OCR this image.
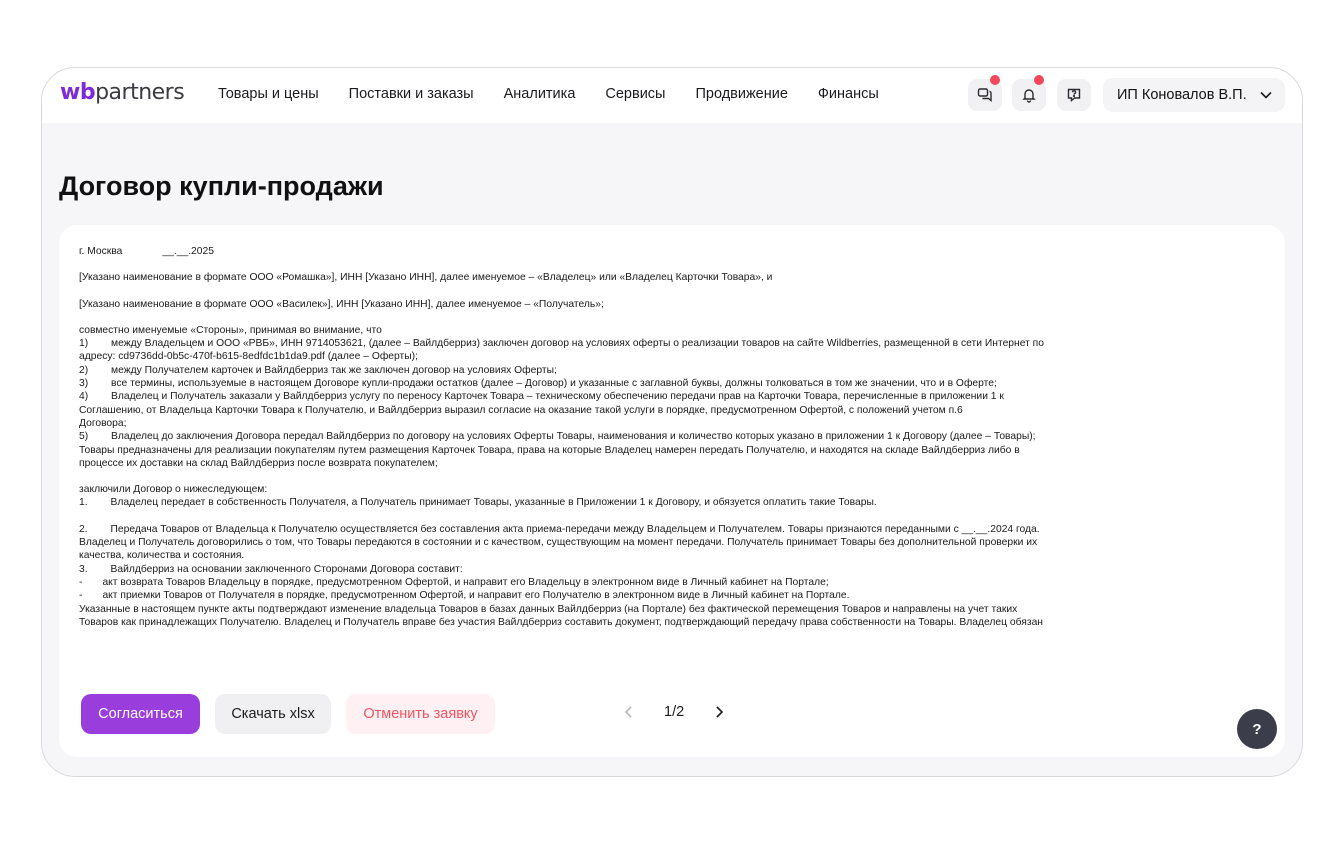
wbpartners Товары и цены Поставки и заказы Аналитика Сервисы Продвижение Финансы	ИП Коновалов В.П.
Договор купли-продажи

г. Москва              __.__.2025

[Указано наименование в формате ООО «Ромашка»], ИНН [Указано ИНН], далее именуемое – «Владелец» или «Владелец Карточки Товара», и

[Указано наименование в формате ООО «Василек»], ИНН [Указано ИНН], далее именуемое – «Получатель»;

совместно именуемые «Стороны», принимая во внимание, что

1)        между Владельцем и ООО «РВБ», ИНН 9714053621, (далее – Вайлдберриз) заключен договор на условиях оферты о реализации товаров на сайте Wildberries, размещенной в сети Интернет по

адресу: cd9736dd-0b5c-470f-b615-8edfdc1b1da9.pdf (далее – Оферты);

2)        между Получателем карточек и Вайлдберриз так же заключен договор на условиях Оферты;

3)        все термины, используемые в настоящем Договоре купли-продажи остатков (далее – Договор) и указанные с заглавной буквы, должны толковаться в том же значении, что и в Оферте;

4)        Владелец и Получатель заказали у Вайлдберриз услугу по переносу Карточек Товара – техническому обеспечению передачи прав на Карточки Товара, перечисленные в приложении 1 к

Соглашению, от Владельца Карточки Товара к Получателю, и Вайлдберриз выразил согласие на оказание такой услуги в порядке, предусмотренном Офертой, с положений учетом п.6

Договора;

5)        Владелец до заключения Договора передал Вайлдберриз по договору на условиях Оферты Товары, наименования и количество которых указано в приложении 1 к Договору (далее – Товары);

Товары предназначены для реализации покупателям путем размещения Карточек Товара, права на которые Владелец намерен передать Получателю, и находятся на складе Вайлдберриз либо в

процессе их доставки на склад Вайлдберриз после возврата покупателем;

заключили Договор о нижеследующем:

1.        Владелец передает в собственность Получателя, а Получатель принимает Товары, указанные в Приложении 1 к Договору, и обязуется оплатить такие Товары.

2.        Передача Товаров от Владельца к Получателю осуществляется без составления акта приема-передачи между Владельцем и Получателем. Товары признаются переданными с __.__.2024 года.

Владелец и Получатель договорились о том, что Товары передаются в состоянии и с качеством, существующим на момент передачи. Получатель принимает Товары без дополнительной проверки их

качества, количества и состояния.

3.        Вайлдберриз на основании заключенного Сторонами Договора составит:

-       акт возврата Товаров Владельцу в порядке, предусмотренном Офертой, и направит его Владельцу в электронном виде в Личный кабинет на Портале;

-       акт приемки Товаров от Получателя в порядке, предусмотренном Офертой, и направит его Получателю в электронном виде в Личный кабинет на Портале.

Указанные в настоящем пункте акты подтверждают изменение владельца Товаров в базах данных Вайлдберриз (на Портале) без фактической перемещения Товаров и направлены на учет таких

Товаров как принадлежащих Получателю. Владелец и Получатель вправе без участия Вайлдберриз составить документ, подтверждающий передачу права собственности на Товары. Владелец обязан

Согласиться	Скачать xlsx	Отменить заявку	1/2
?
